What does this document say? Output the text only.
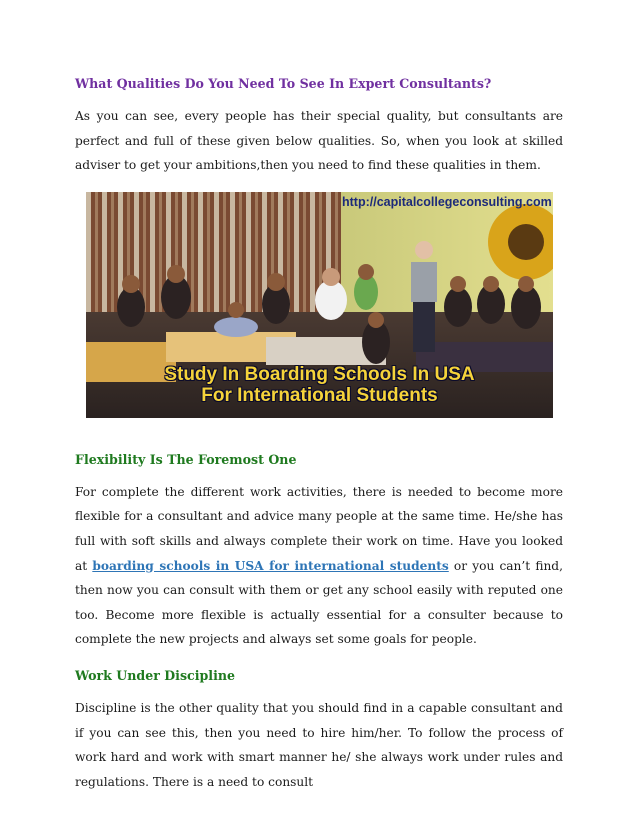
What Qualities Do You Need To See In Expert Consultants?

As you can see, every people has their special quality, but consultants are perfect and full of these given below qualities. So, when you look at skilled adviser to get your ambitions,then you need to find these qualities in them.

http://capitalcollegeconsulting.com
Study In Boarding Schools In USA
For International Students
Flexibility Is The Foremost One

For complete the different work activities, there is needed to become more flexible for a consultant and advice many people at the same time. He/she has full with soft skills and always complete their work on time. Have you looked at boarding schools in USA for international students or you can’t find, then now you can consult with them or get any school easily with reputed one too. Become more flexible is actually essential for a consulter because to complete the new projects and always set some goals for people.

Work Under Discipline

Discipline is the other quality that you should find in a capable consultant and if you can see this, then you need to hire him/her. To follow the process of work hard and work with smart manner he/ she always work under rules and regulations. There is a need to consult
